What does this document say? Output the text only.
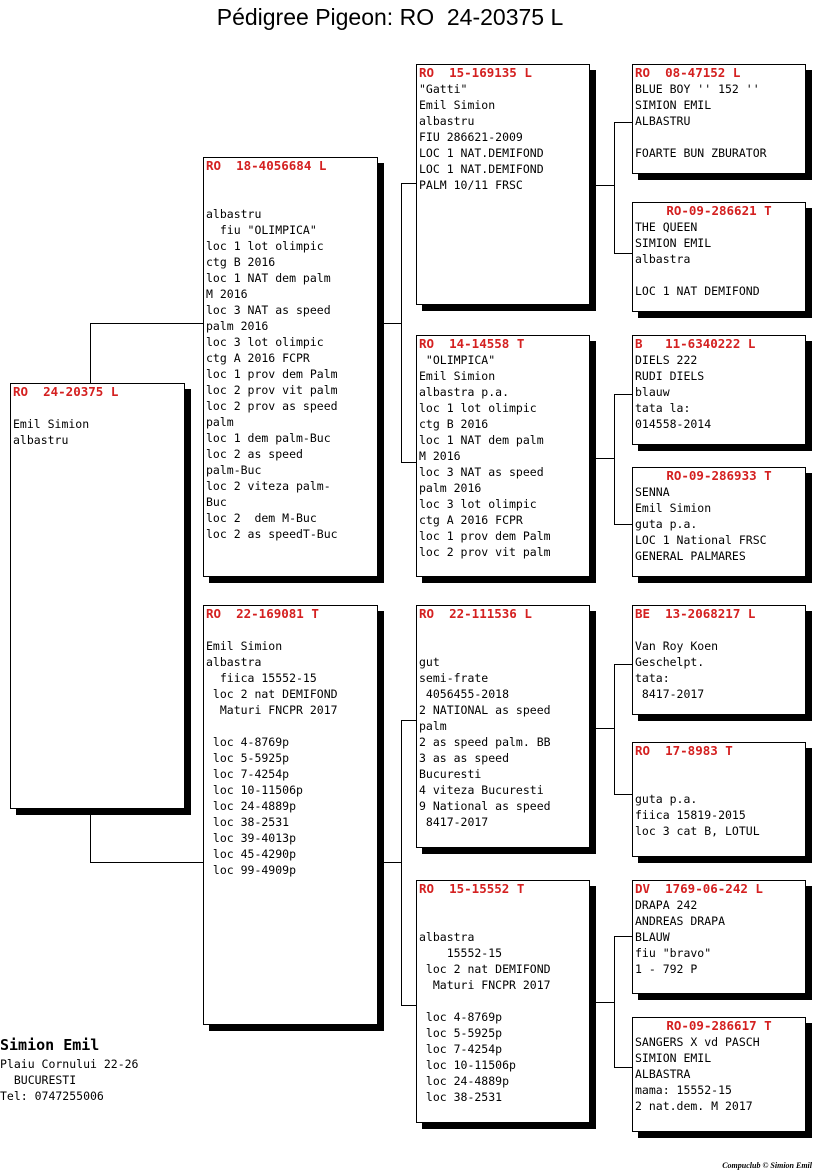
Pédigree Pigeon: RO  24-20375 L
RO  24-20375 L
Emil Simion
albastru
RO  18-4056684 L
albastru
fiu "OLIMPICA"
loc 1 lot olimpic
ctg B 2016
loc 1 NAT dem palm
M 2016
loc 3 NAT as speed
palm 2016
loc 3 lot olimpic
ctg A 2016 FCPR
loc 1 prov dem Palm
loc 2 prov vit palm
loc 2 prov as speed
palm
loc 1 dem palm-Buc
loc 2 as speed
palm-Buc
loc 2 viteza palm-
Buc
loc 2  dem M-Buc
loc 2 as speedT-Buc
RO  22-169081 T
Emil Simion
albastra
fiica 15552-15
loc 2 nat DEMIFOND
Maturi FNCPR 2017
loc 4-8769p
loc 5-5925p
loc 7-4254p
loc 10-11506p
loc 24-4889p
loc 38-2531
loc 39-4013p
loc 45-4290p
loc 99-4909p
RO  15-169135 L
"Gatti"
Emil Simion
albastru
FIU 286621-2009
LOC 1 NAT.DEMIFOND
LOC 1 NAT.DEMIFOND
PALM 10/11 FRSC
RO  14-14558 T
"OLIMPICA"
Emil Simion
albastra p.a.
loc 1 lot olimpic
ctg B 2016
loc 1 NAT dem palm
M 2016
loc 3 NAT as speed
palm 2016
loc 3 lot olimpic
ctg A 2016 FCPR
loc 1 prov dem Palm
loc 2 prov vit palm
RO  22-111536 L
gut
semi-frate
4056455-2018
2 NATIONAL as speed
palm
2 as speed palm. BB
3 as as speed
Bucuresti
4 viteza Bucuresti
9 National as speed
8417-2017
RO  15-15552 T
albastra
15552-15
loc 2 nat DEMIFOND
Maturi FNCPR 2017
loc 4-8769p
loc 5-5925p
loc 7-4254p
loc 10-11506p
loc 24-4889p
loc 38-2531
RO  08-47152 L
BLUE BOY '' 152 ''
SIMION EMIL
ALBASTRU
FOARTE BUN ZBURATOR
RO-09-286621 T
THE QUEEN
SIMION EMIL
albastra
LOC 1 NAT DEMIFOND
B   11-6340222 L
DIELS 222
RUDI DIELS
blauw
tata la:
014558-2014
RO-09-286933 T
SENNA
Emil Simion
guta p.a.
LOC 1 National FRSC
GENERAL PALMARES
BE  13-2068217 L
Van Roy Koen
Geschelpt.
tata:
8417-2017
RO  17-8983 T
guta p.a.
fiica 15819-2015
loc 3 cat B, LOTUL
DV  1769-06-242 L
DRAPA 242
ANDREAS DRAPA
BLAUW
fiu "bravo"
1 - 792 P
RO-09-286617 T
SANGERS X vd PASCH
SIMION EMIL
ALBASTRA
mama: 15552-15
2 nat.dem. M 2017
Simion Emil
Plaiu Cornului 22-26
BUCURESTI
Tel: 0747255006
Compuclub © Simion Emil
